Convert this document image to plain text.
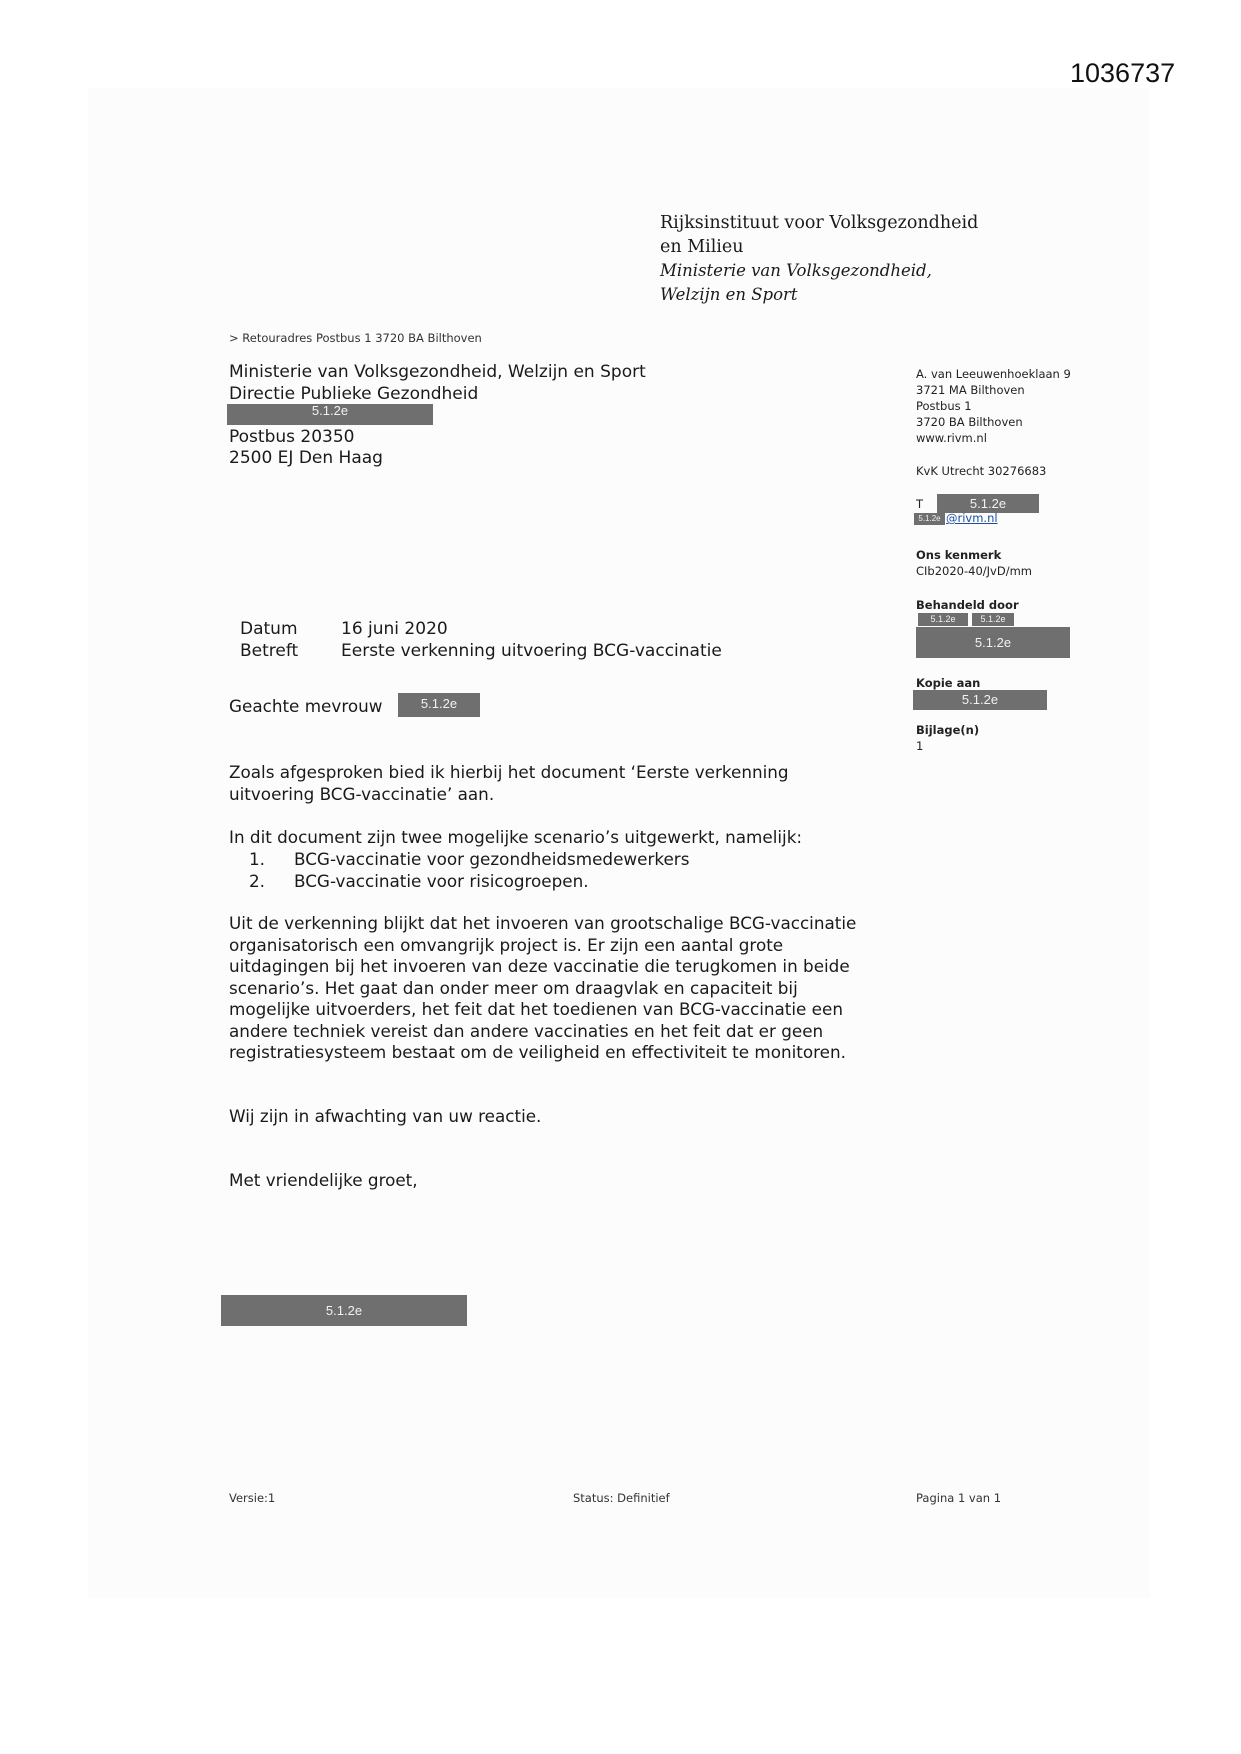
1036737
Rijksinstituut voor Volksgezondheid
en Milieu
Ministerie van Volksgezondheid,
Welzijn en Sport
> Retouradres Postbus 1 3720 BA Bilthoven
Ministerie van Volksgezondheid, Welzijn en Sport
Directie Publieke Gezondheid
Postbus 20350
2500 EJ Den Haag
5.1.2e
A. van Leeuwenhoeklaan 9
3721 MA Bilthoven
Postbus 1
3720 BA Bilthoven
www.rivm.nl
KvK Utrecht 30276683
T	5.1.2e
5.1.2e @rivm.nl
Ons kenmerk
CIb2020-40/JvD/mm
Behandeld door
5.1.2e	5.1.2e
5.1.2e
Kopie aan
5.1.2e
Bijlage(n)
1
Datum	16 juni 2020
Betreft	Eerste verkenning uitvoering BCG-vaccinatie
Geachte mevrouw	5.1.2e
Zoals afgesproken bied ik hierbij het document ‘Eerste verkenning
uitvoering BCG-vaccinatie’ aan.
In dit document zijn twee mogelijke scenario’s uitgewerkt, namelijk:
1. BCG-vaccinatie voor gezondheidsmedewerkers
2. BCG-vaccinatie voor risicogroepen.
Uit de verkenning blijkt dat het invoeren van grootschalige BCG-vaccinatie
organisatorisch een omvangrijk project is. Er zijn een aantal grote
uitdagingen bij het invoeren van deze vaccinatie die terugkomen in beide
scenario’s. Het gaat dan onder meer om draagvlak en capaciteit bij
mogelijke uitvoerders, het feit dat het toedienen van BCG-vaccinatie een
andere techniek vereist dan andere vaccinaties en het feit dat er geen
registratiesysteem bestaat om de veiligheid en effectiviteit te monitoren.
Wij zijn in afwachting van uw reactie.
Met vriendelijke groet,
5.1.2e
Versie:1	Status: Definitief	Pagina 1 van 1
